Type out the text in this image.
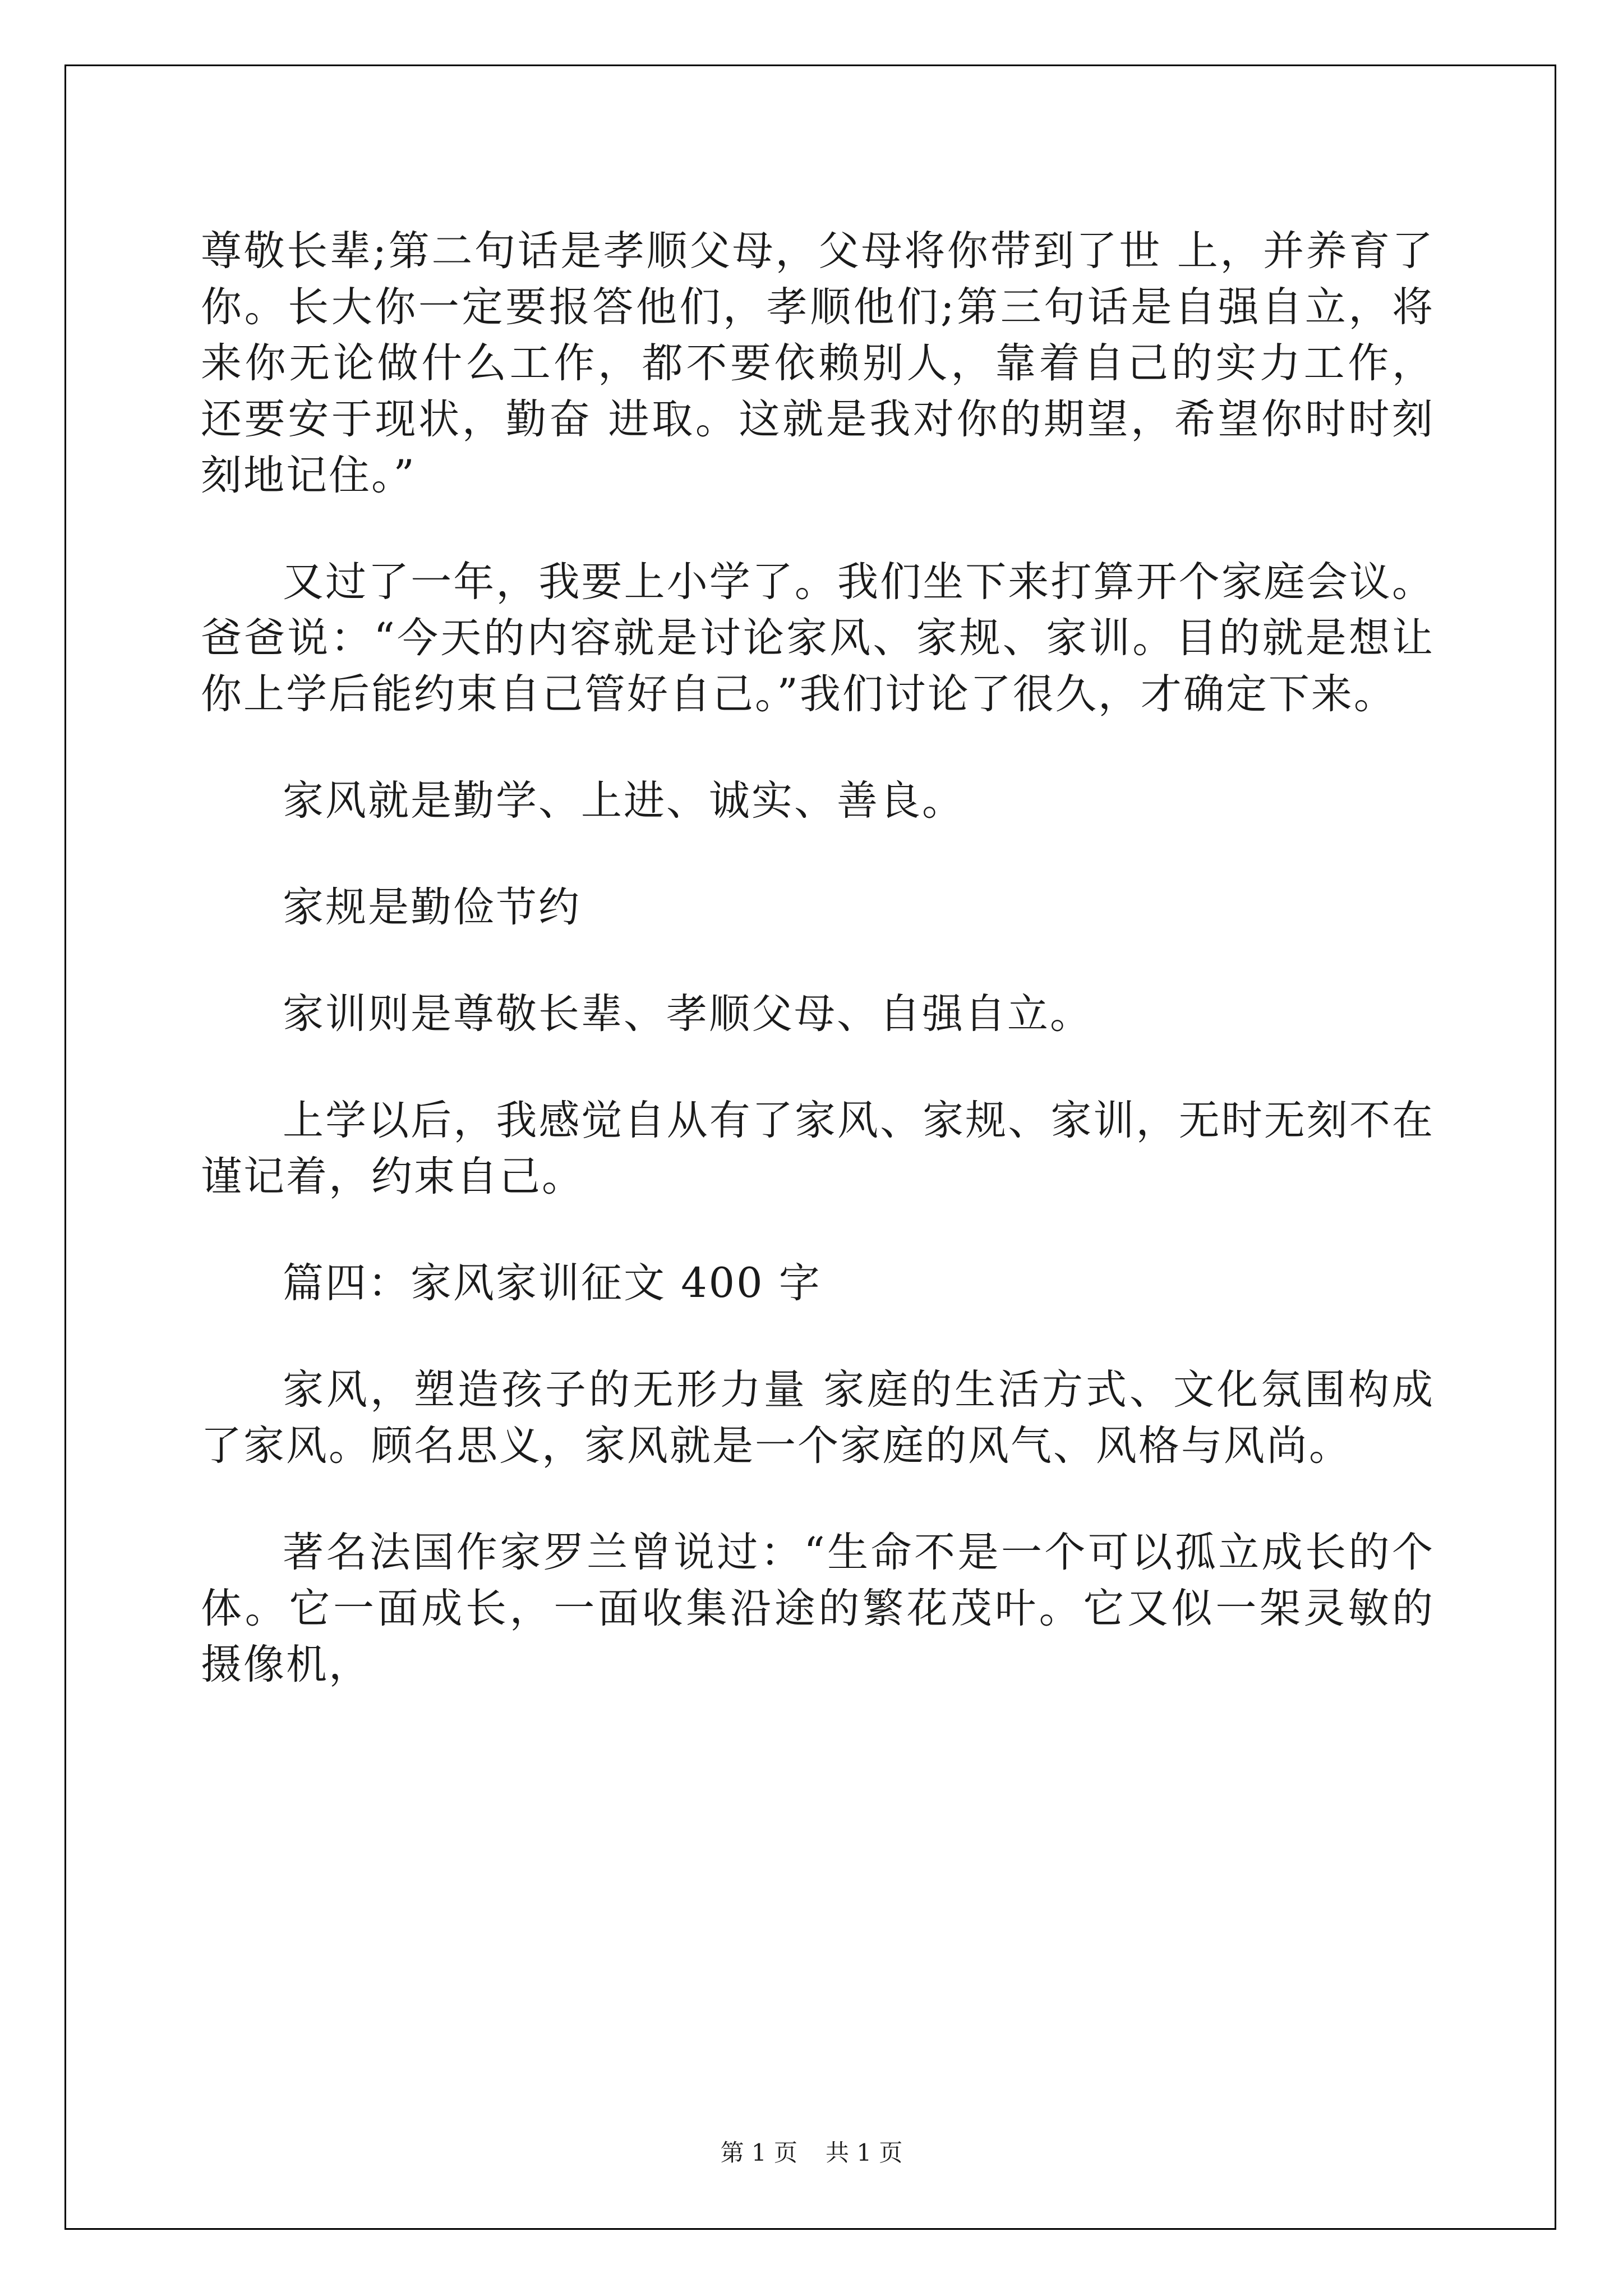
尊敬长辈;第二句话是孝顺父母，父母将你带到了世 上，并养育了你。长大你一定要报答他们，孝顺他们;第三句话是自强自立，将来你无论做什么工作，都不要依赖别人，靠着自己的实力工作，还要安于现状，勤奋 进取。这就是我对你的期望，希望你时时刻刻地记住。”

又过了一年，我要上小学了。我们坐下来打算开个家庭会议。爸爸说：“今天的内容就是讨论家风、家规、家训。目的就是想让你上学后能约束自己管好自己。”我们讨论了很久，才确定下来。

家风就是勤学、上进、诚实、善良。

家规是勤俭节约

家训则是尊敬长辈、孝顺父母、自强自立。

上学以后，我感觉自从有了家风、家规、家训，无时无刻不在谨记着，约束自己。

篇四：家风家训征文 400 字

家风，塑造孩子的无形力量 家庭的生活方式、文化氛围构成了家风。顾名思义，家风就是一个家庭的风气、风格与风尚。

著名法国作家罗兰曾说过：“生命不是一个可以孤立成长的个体。它一面成长，一面收集沿途的繁花茂叶。它又似一架灵敏的摄像机，

第 1 页 共 1 页
